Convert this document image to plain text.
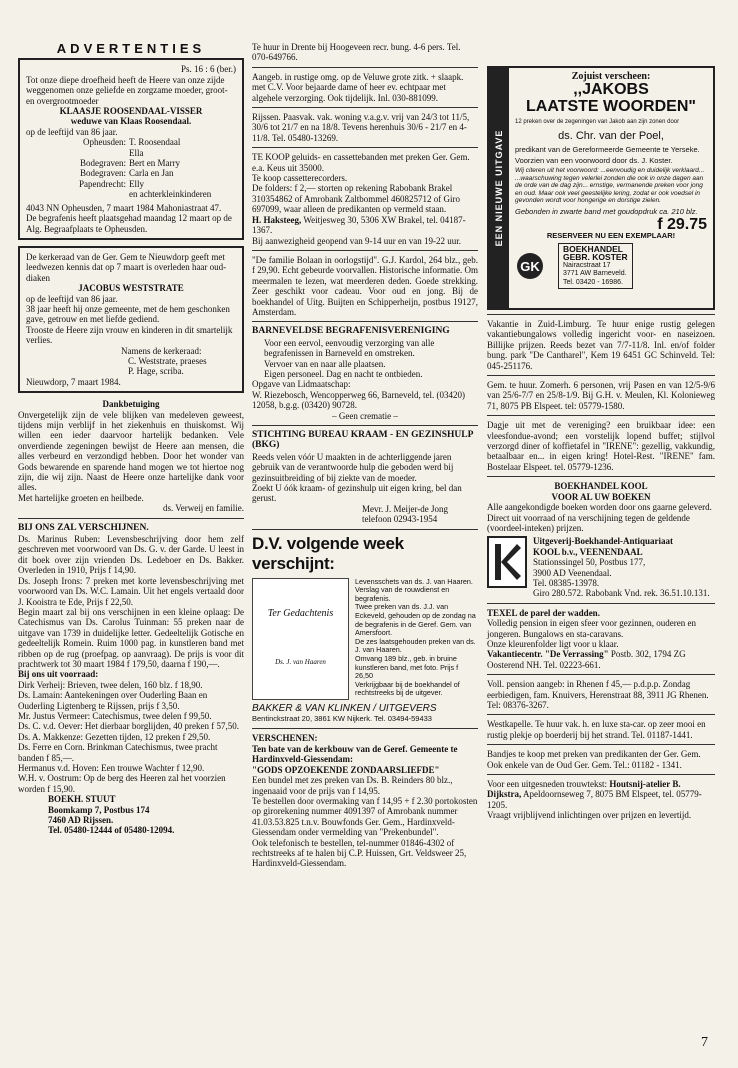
ADVERTENTIES

Ps. 16 : 6 (ber.)

Tot onze diepe droefheid heeft de Heere van onze zijde weggenomen onze geliefde en zorgzame moeder, groot- en overgrootmoeder

KLAASJE ROOSENDAAL-VISSER

weduwe van Klaas Roosendaal.

op de leeftijd van 86 jaar.

Opheusden:	T. Roosendaal
	Ella
Bodegraven:	Bert en Marry
Bodegraven:	Carla en Jan
Papendrecht:	Elly
	en achterkleinkinderen

4043 NN Opheusden, 7 maart 1984 Mahoniastraat 47.

De begrafenis heeft plaatsgehad maandag 12 maart op de Alg. Begraafplaats te Opheusden.

De kerkeraad van de Ger. Gem te Nieuwdorp geeft met leedwezen kennis dat op 7 maart is overleden haar oud-diaken

JACOBUS WESTSTRATE

op de leeftijd van 86 jaar.

38 jaar heeft hij onze gemeente, met de hem geschonken gave, getrouw en met liefde gediend.

Trooste de Heere zijn vrouw en kinderen in dit smartelijk verlies.

Namens de kerkeraad:

C. Weststrate, praeses

P. Hage, scriba.

Nieuwdorp, 7 maart 1984.

Dankbetuiging

Onvergetelijk zijn de vele blijken van medeleven geweest, tijdens mijn verblijf in het ziekenhuis en thuiskomst. Wij willen een ieder daarvoor hartelijk bedanken. Vele onverdiende zegeningen bewijst de Heere aan mensen, die alles verbeurd en verzondigd hebben. Door het wonder van Gods bewarende en sparende hand mogen we tot hiertoe nog zijn, die wij zijn. Naast de Heere onze hartelijke dank voor alles.

Met hartelijke groeten en heilbede.

ds. Verweij en familie.

BIJ ONS ZAL VERSCHIJNEN.

Ds. Marinus Ruben: Levensbeschrijving door hem zelf geschreven met voorwoord van Ds. G. v. der Garde. U leest in dit boek over zijn vrienden Ds. Ledeboer en Ds. Bakker. Overleden in 1910, Prijs f 14,90.

Ds. Joseph Irons: 7 preken met korte levensbeschrijving met voorwoord van Ds. W.C. Lamain. Uit het engels vertaald door J. Kooistra te Ede, Prijs f 22,50.

Begin maart zal bij ons verschijnen in een kleine oplaag: De Catechismus van Ds. Carolus Tuinman: 55 preken naar de uitgave van 1739 in duidelijke letter. Gedeeltelijk Gotische en gedeeltelijk Romein. Ruim 1000 pag. in kunstleren band met ribben op de rug (proefpag. op aanvraag). De prijs is voor dit prachtwerk tot 30 maart 1984 f 179,50, daarna f 190,—.

Bij ons uit voorraad:

Dirk Verheij: Brieven, twee delen, 160 blz. f 18,90.

Ds. Lamain: Aantekeningen over Ouderling Baan en Ouderling Ligtenberg te Rijssen, prijs f 3,50.

Mr. Justus Vermeer: Catechismus, twee delen f 99,50.

Ds. C. v.d. Oever: Het dierbaar borglijden, 40 preken f 57,50.

Ds. A. Makkenze: Gezetten tijden, 12 preken f 29,50.

Ds. Ferre en Corn. Brinkman Catechismus, twee pracht banden f 85,—.

Hermanus v.d. Hoven: Een trouwe Wachter f 12,90.

W.H. v. Oostrum: Op de berg des Heeren zal het voorzien worden f 15,90.

BOEKH. STUUT

Boomkamp 7, Postbus 174

7460 AD Rijssen.

Tel. 05480-12444 of 05480-12094.

Te huur in Drente bij Hoogeveen recr. bung. 4-6 pers. Tel. 070-649766.

Aangeb. in rustige omg. op de Veluwe grote zitk. + slaapk. met C.V. Voor bejaarde dame of heer ev. echtpaar met algehele verzorging. Ook tijdelijk. Inl. 030-881099.

Rijssen. Paasvak. vak. woning v.a.g.v. vrij van 24/3 tot 11/5, 30/6 tot 21/7 en na 18/8. Tevens herenhuis 30/6 - 21/7 en 4-11/8. Tel. 05480-13269.

TE KOOP geluids- en cassettebanden met preken Ger. Gem. e.a. Keus uit 35000.

Te koop cassetterecorders.

De folders: f 2,— storten op rekening Rabobank Brakel 310354862 of Amrobank Zaltbommel 460825712 of Giro 697099, waar alleen de predikanten op vermeld staan.

H. Haksteeg, Weitjesweg 30, 5306 XW Brakel, tel. 04187-1367.

Bij aanwezigheid geopend van 9-14 uur en van 19-22 uur.

"De familie Bolaan in oorlogstijd". G.J. Kardol, 264 blz., geb. f 29,90. Echt gebeurde voorvallen. Historische informatie. Om meermalen te lezen, wat meerderen deden. Goede strekking. Zeer geschikt voor cadeau. Voor oud en jong. Bij de boekhandel of Uitg. Buijten en Schipperheijn, postbus 19127, Amsterdam.

BARNEVELDSE BEGRAFENISVERENIGING

Voor een eervol, eenvoudig verzorging van alle begrafenissen in Barneveld en omstreken.

Vervoer van en naar alle plaatsen.

Eigen personeel. Dag en nacht te ontbieden.

Opgave van Lidmaatschap:

W. Riezebosch, Wencopperweg 66, Barneveld, tel. (03420) 12058, b.g.g. (03420) 90728.

– Geen crematie –

STICHTING BUREAU KRAAM - EN GEZINSHULP (BKG)

Reeds velen vóór U maakten in de achterliggende jaren gebruik van de verantwoorde hulp die geboden werd bij gezinsuitbreiding of bij ziekte van de moeder.

Zoekt U óók kraam- of gezinshulp uit eigen kring, bel dan gerust.

Mevr. J. Meijer-de Jong

telefoon 02943-1954

D.V. volgende week verschijnt:
Ter Gedachtenis
Ds. J. van Haaren

Levensschets van ds. J. van Haaren.

Verslag van de rouwdienst en begrafenis.

Twee preken van ds. J.J. van Eckeveld, gehouden op de zondag na de begrafenis in de Geref. Gem. van Amersfoort.

De zes laatsgehouden preken van ds. J. van Haaren.

Omvang 189 blz., geb. in bruine kunstleren band, met foto. Prijs f 26,50

Verkrijgbaar bij de boekhandel of rechtstreeks bij de uitgever.

BAKKER & VAN KLINKEN / UITGEVERS

Bentinckstraat 20, 3861 KW Nijkerk. Tel. 03494-59433

VERSCHENEN:

Ten bate van de kerkbouw van de Geref. Gemeente te Hardinxveld-Giessendam:

"GODS OPZOEKENDE ZONDAARSLIEFDE"

Een bundel met zes preken van Ds. B. Reinders 80 blz., ingenaaid voor de prijs van f 14,95.

Te bestellen door overmaking van f 14,95 + f 2.30 portokosten op girorekening nummer 4091397 of Amrobank nummer 41.03.53.825 t.n.v. Bouwfonds Ger. Gem., Hardinxveld-Giessendam onder vermelding van "Prekenbundel".

Ook telefonisch te bestellen, tel-nummer 01846-4302 of rechtstreeks af te halen bij C.P. Huissen, Grt. Veldsweer 25, Hardinxveld-Giessendam.

EEN NIEUWE UITGAVE

Zojuist verscheen:

,,JAKOBS

LAATSTE WOORDEN"

12 preken over de zegeningen van Jakob aan zijn zonen door

ds. Chr. van der Poel,

predikant van de Gereformeerde Gemeente te Yerseke.

Voorzien van een voorwoord door ds. J. Koster.

Wij citeren uit het voorwoord: ...eenvoudig en duidelijk verklaard... ...waarschuwing tegen velerlei zonden die ook in onze dagen aan de orde van de dag zijn... ernstige, vermanende preken voor jong en oud. Maar ook veel geestelijke lering, zodat er ook voedsel in gevonden wordt voor hongerige en dorstige zielen.

Gebonden in zwarte band met goudopdruk ca. 210 blz.

f 29.75

RESERVEER NU EEN EXEMPLAAR!

GK

BOEKHANDEL

GEBR. KOSTER

Nairacstraat 17

3771 AW Barneveld.

Tel. 03420 - 16986.

Vakantie in Zuid-Limburg. Te huur enige rustig gelegen vakantiebungalows volledig ingericht voor- en naseizoen. Billijke prijzen. Reeds bezet van 7/7-11/8. Inl. en/of folder bung. park "De Cantharel", Kem 19 6451 GC Schinveld. Tel: 045-251176.

Gem. te huur. Zomerh. 6 personen, vrij Pasen en van 12/5-9/6 van 25/6-7/7 en 25/8-1/9. Bij G.H. v. Meulen, Kl. Kolonieweg 71, 8075 PB Elspeet. tel: 05779-1580.

Dagje uit met de vereniging? een bruikbaar idee: een vleesfondue-avond; een vorstelijk lopend buffet; stijlvol verzorgd diner of koffietafel in "IRENE": gezellig, vakkundig, betaalbaar en... in eigen kring! Hotel-Rest. "IRENE" fam. Bostelaar Elspeet. tel. 05779-1236.

BOEKHANDEL KOOL

VOOR AL UW BOEKEN

Alle aangekondigde boeken worden door ons gaarne geleverd.

Direct uit voorraad of na verschijning tegen de geldende (voordeel-inteken) prijzen.

Uitgeverij-Boekhandel-Antiquariaat

KOOL b.v., VEENENDAAL

Stationssingel 50, Postbus 177,

3900 AD Veenendaal.

Tel. 08385-13978.

Giro 280.572. Rabobank Vnd. rek. 36.51.10.131.

TEXEL de parel der wadden.

Volledig pension in eigen sfeer voor gezinnen, ouderen en jongeren. Bungalows en sta-caravans.

Onze kleurenfolder ligt voor u klaar.

Vakantiecentr. "De Verrassing" Postb. 302, 1794 ZG Oosterend NH. Tel. 02223-661.

Voll. pension aangeb: in Rhenen f 45,— p.d.p.p. Zondag eerbiedigen, fam. Knuivers, Herenstraat 88, 3911 JG Rhenen. Tel: 08376-3267.

Westkapelle. Te huur vak. h. en luxe sta-car. op zeer mooi en rustig plekje op boerderij bij het strand. Tel. 01187-1441.

Bandjes te koop met preken van predikanten der Ger. Gem. Ook enkele van de Oud Ger. Gem. Tel.: 01182 - 1341.

Voor een uitgesneden trouwtekst: Houtsnij-atelier B. Dijkstra, Apeldoornseweg 7, 8075 BM Elspeet, tel. 05779-1205.

Vraagt vrijblijvend inlichtingen over prijzen en levertijd.

7
